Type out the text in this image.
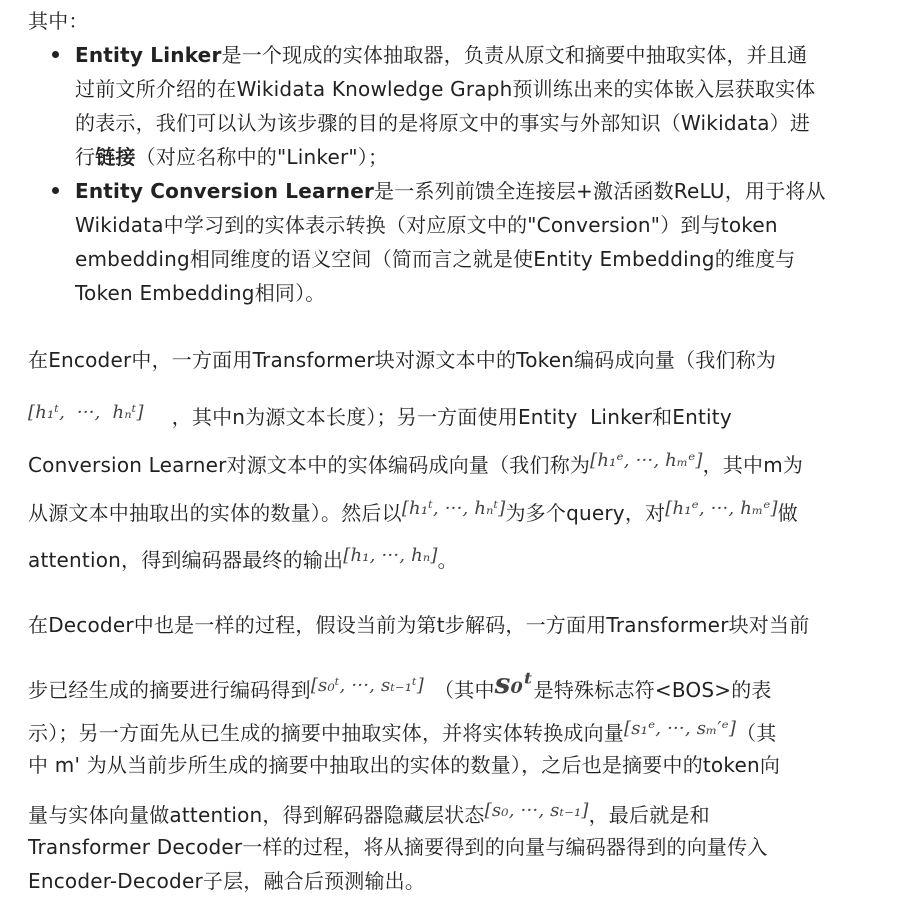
其中：
Entity Linker是一个现成的实体抽取器，负责从原文和摘要中抽取实体，并且通
过前文所介绍的在Wikidata Knowledge Graph预训练出来的实体嵌入层获取实体
的表示，我们可以认为该步骤的目的是将原文中的事实与外部知识（Wikidata）进
行链接（对应名称中的"Linker"）；
Entity Conversion Learner是一系列前馈全连接层+激活函数ReLU，用于将从
Wikidata中学习到的实体表示转换（对应原文中的"Conversion"）到与token
embedding相同维度的语义空间（简而言之就是使Entity Embedding的维度与
Token Embedding相同）。
在Encoder中，一方面用Transformer块对源文本中的Token编码成向量（我们称为
[h₁ᵗ, ···, hₙᵗ] ，其中n为源文本长度）；另一方面使用Entity Linker和Entity
Conversion Learner对源文本中的实体编码成向量（我们称为[h₁ᵉ, ···, hₘᵉ]，其中m为
从源文本中抽取出的实体的数量）。然后以[h₁ᵗ, ···, hₙᵗ]为多个query，对[h₁ᵉ, ···, hₘᵉ]做
attention，得到编码器最终的输出[h₁, ···, hₙ]。
在Decoder中也是一样的过程，假设当前为第t步解码，一方面用Transformer块对当前
步已经生成的摘要进行编码得到[s₀ᵗ, ···, sₜ₋₁ᵗ] （其中s₀ᵗ是特殊标志符<BOS>的表
示）；另一方面先从已生成的摘要中抽取实体，并将实体转换成向量[s₁ᵉ, ···, sₘ′ᵉ]（其
中 m' 为从当前步所生成的摘要中抽取出的实体的数量），之后也是摘要中的token向
量与实体向量做attention，得到解码器隐藏层状态[s₀, ···, sₜ₋₁]，最后就是和
Transformer Decoder一样的过程，将从摘要得到的向量与编码器得到的向量传入
Encoder-Decoder子层，融合后预测输出。
